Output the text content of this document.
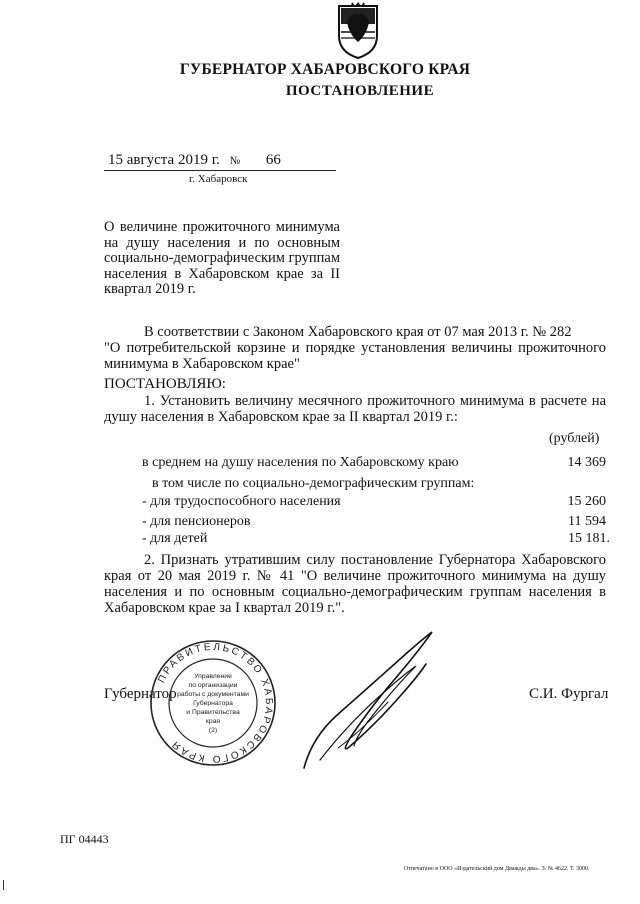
ГУБЕРНАТОР ХАБАРОВСКОГО КРАЯ
ПОСТАНОВЛЕНИЕ
15 августа 2019 г. № 66
г. Хабаровск
О величине прожиточного минимума на душу населения и по основным социально-демографическим группам населения в Хабаровском крае за II квартал 2019 г.
В соответствии с Законом Хабаровского края от 07 мая 2013 г. № 282
"О потребительской корзине и порядке установления величины прожиточного минимума в Хабаровском крае"
ПОСТАНОВЛЯЮ:
1. Установить величину месячного прожиточного минимума в расчете на душу населения в Хабаровском крае за II квартал 2019 г.:
(рублей)
в среднем на душу населения по Хабаровскому краю	14 369
в том числе по социально-демографическим группам:
- для трудоспособного населения	15 260
- для пенсионеров	11 594
- для детей	15 181.
2. Признать утратившим силу постановление Губернатора Хабаровского края от 20 мая 2019 г. № 41 "О величине прожиточного минимума на душу населения и по основным социально-демографическим группам населения в Хабаровском крае за I квартал 2019 г.".
Губернатор	С.И. Фургал
ПРАВИТЕЛЬСТВО ХАБАРОВСКОГО КРАЯ
Управление
по организации
работы с документами
Губернатора
и Правительства
края
(2)
ПГ 04443
Отпечатано в ООО «Издательский дом Дважды два». З. № 4622. Т. 3000.
